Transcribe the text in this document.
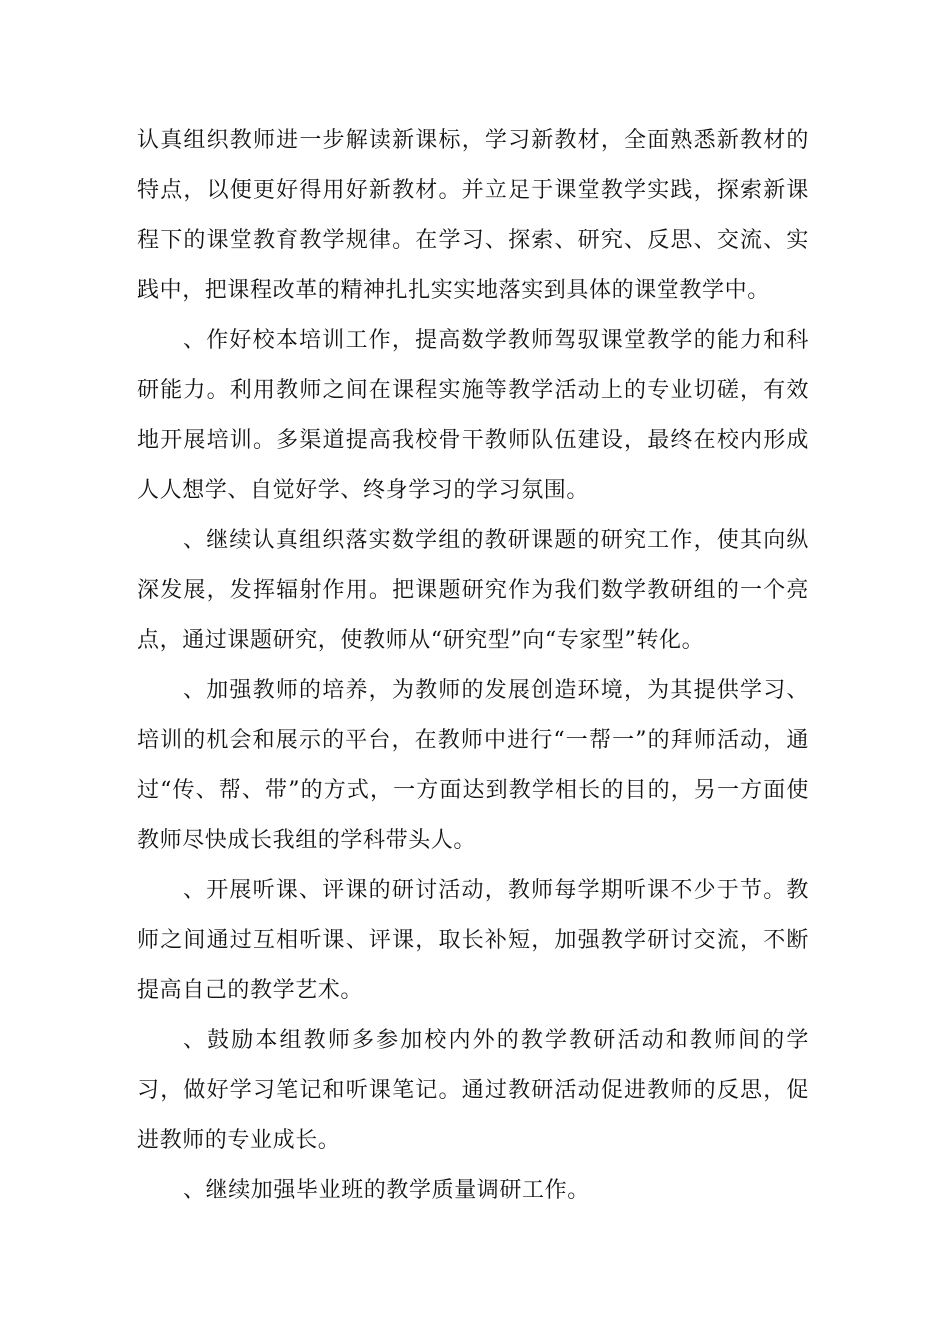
认真组织教师进一步解读新课标，学习新教材，全面熟悉新教材的特点，以便更好得用好新教材。并立足于课堂教学实践，探索新课程下的课堂教育教学规律。在学习、探索、研究、反思、交流、实践中，把课程改革的精神扎扎实实地落实到具体的课堂教学中。

、作好校本培训工作，提高数学教师驾驭课堂教学的能力和科研能力。利用教师之间在课程实施等教学活动上的专业切磋，有效地开展培训。多渠道提高我校骨干教师队伍建设，最终在校内形成人人想学、自觉好学、终身学习的学习氛围。

、继续认真组织落实数学组的教研课题的研究工作，使其向纵深发展，发挥辐射作用。把课题研究作为我们数学教研组的一个亮点，通过课题研究，使教师从“研究型”向“专家型”转化。

、加强教师的培养，为教师的发展创造环境，为其提供学习、培训的机会和展示的平台，在教师中进行“一帮一”的拜师活动，通过“传、帮、带”的方式，一方面达到教学相长的目的，另一方面使教师尽快成长我组的学科带头人。

、开展听课、评课的研讨活动，教师每学期听课不少于节。教师之间通过互相听课、评课，取长补短，加强教学研讨交流，不断提高自己的教学艺术。

、鼓励本组教师多参加校内外的教学教研活动和教师间的学习，做好学习笔记和听课笔记。通过教研活动促进教师的反思，促进教师的专业成长。

、继续加强毕业班的教学质量调研工作。
